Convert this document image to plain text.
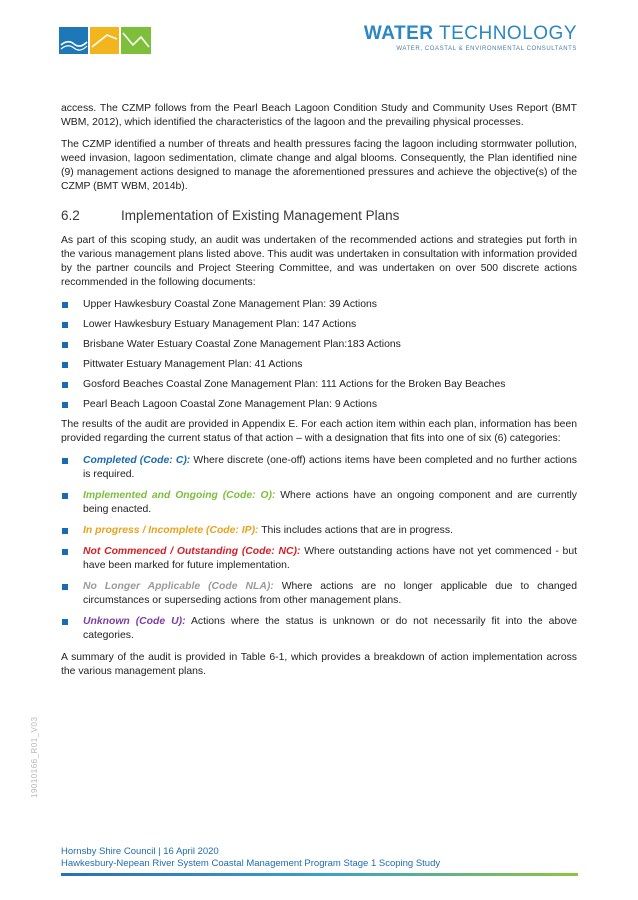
WATER TECHNOLOGY
WATER, COASTAL & ENVIRONMENTAL CONSULTANTS

access. The CZMP follows from the Pearl Beach Lagoon Condition Study and Community Uses Report (BMT WBM, 2012), which identified the characteristics of the lagoon and the prevailing physical processes.

The CZMP identified a number of threats and health pressures facing the lagoon including stormwater pollution, weed invasion, lagoon sedimentation, climate change and algal blooms. Consequently, the Plan identified nine (9) management actions designed to manage the aforementioned pressures and achieve the objective(s) of the CZMP (BMT WBM, 2014b).

6.2	Implementation of Existing Management Plans

As part of this scoping study, an audit was undertaken of the recommended actions and strategies put forth in the various management plans listed above. This audit was undertaken in consultation with information provided by the partner councils and Project Steering Committee, and was undertaken on over 500 discrete actions recommended in the following documents:

Upper Hawkesbury Coastal Zone Management Plan: 39 Actions
Lower Hawkesbury Estuary Management Plan: 147 Actions
Brisbane Water Estuary Coastal Zone Management Plan:183 Actions
Pittwater Estuary Management Plan: 41 Actions
Gosford Beaches Coastal Zone Management Plan: 111 Actions for the Broken Bay Beaches
Pearl Beach Lagoon Coastal Zone Management Plan: 9 Actions

The results of the audit are provided in Appendix E. For each action item within each plan, information has been provided regarding the current status of that action – with a designation that fits into one of six (6) categories:

Completed (Code: C): Where discrete (one-off) actions items have been completed and no further actions is required.
Implemented and Ongoing (Code: O): Where actions have an ongoing component and are currently being enacted.
In progress / Incomplete (Code: IP): This includes actions that are in progress.
Not Commenced / Outstanding (Code: NC): Where outstanding actions have not yet commenced - but have been marked for future implementation.
No Longer Applicable (Code NLA): Where actions are no longer applicable due to changed circumstances or superseding actions from other management plans.
Unknown (Code U): Actions where the status is unknown or do not necessarily fit into the above categories.

A summary of the audit is provided in Table 6-1, which provides a breakdown of action implementation across the various management plans.

19010166_R01_V03
Hornsby Shire Council | 16 April 2020
Hawkesbury-Nepean River System Coastal Management Program Stage 1 Scoping Study
